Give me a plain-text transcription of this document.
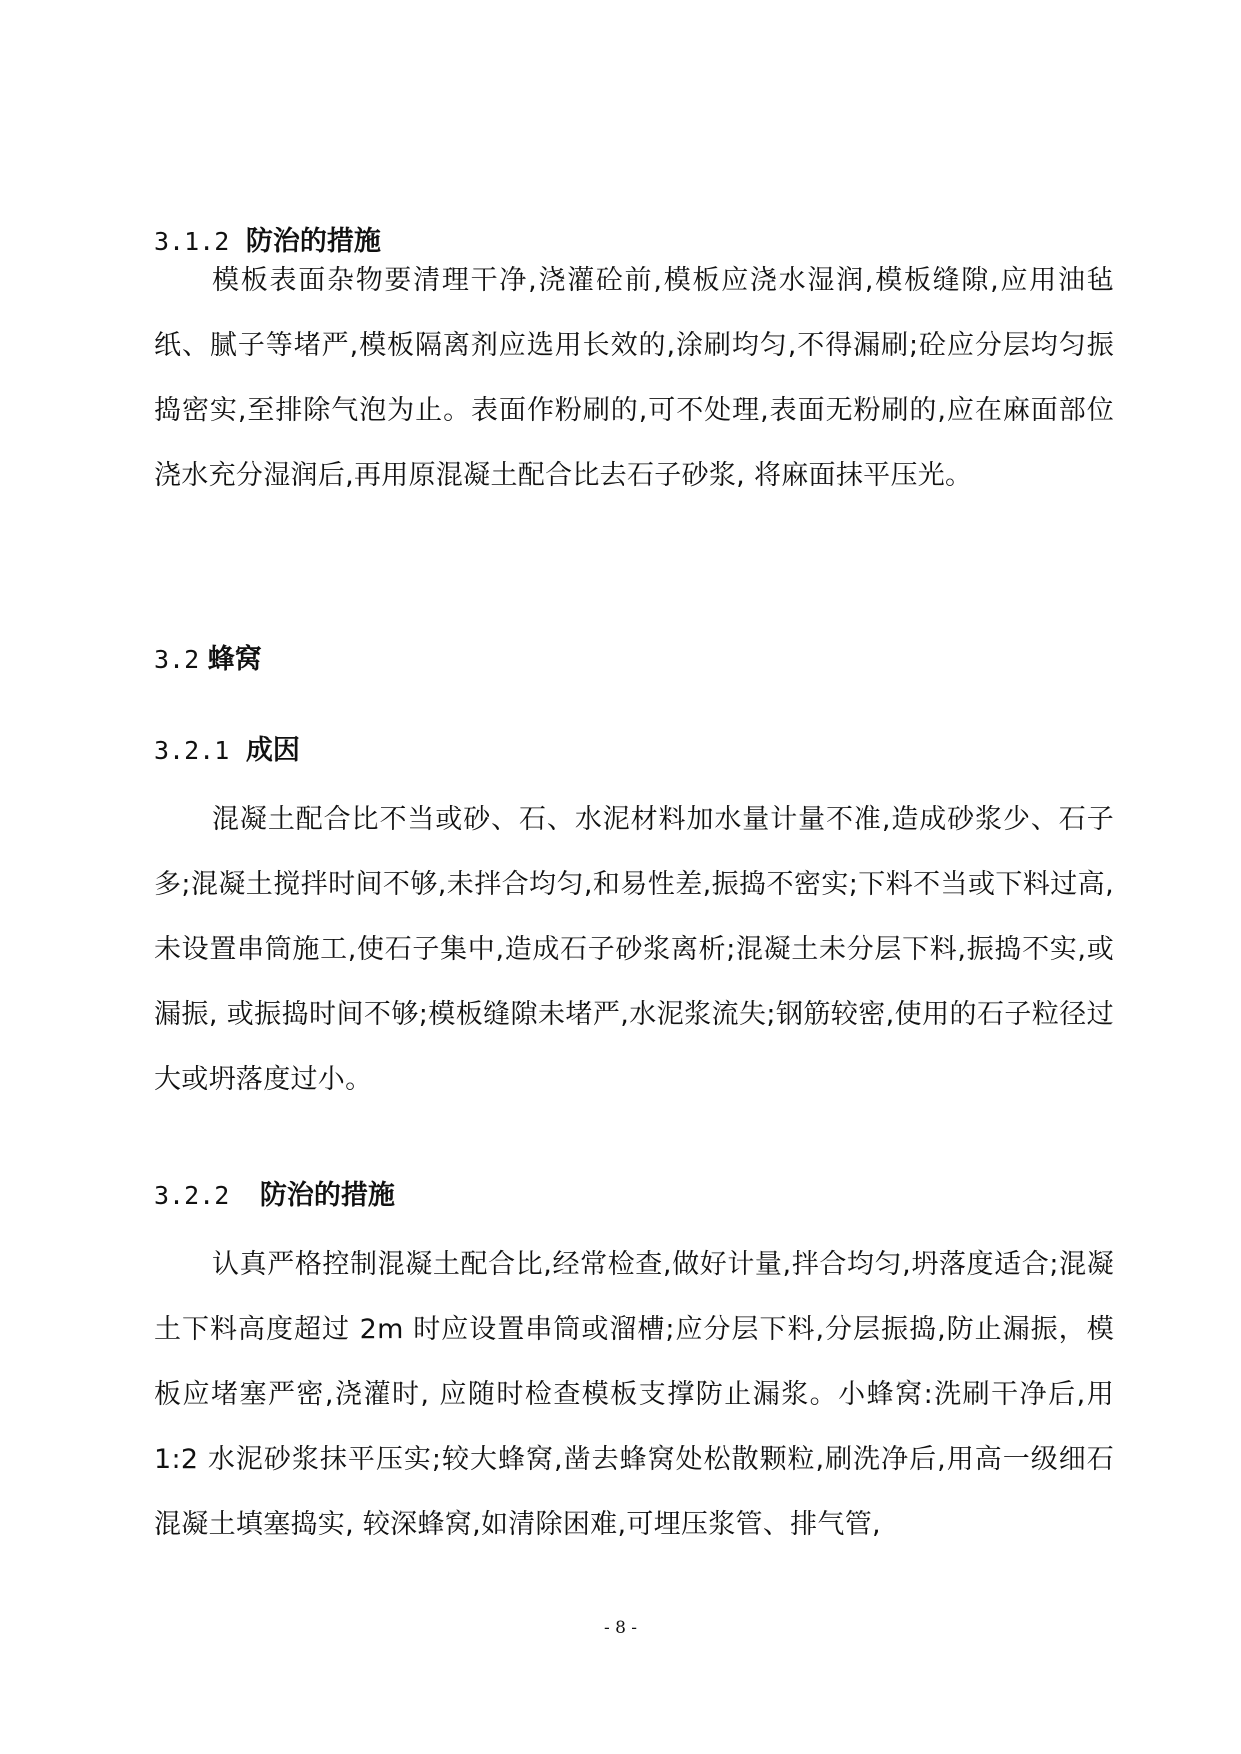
3.1.2 防治的措施

模板表面杂物要清理干净,浇灌砼前,模板应浇水湿润,模板缝隙,应用油毡纸、腻子等堵严,模板隔离剂应选用长效的,涂刷均匀,不得漏刷;砼应分层均匀振捣密实,至排除气泡为止。表面作粉刷的,可不处理,表面无粉刷的,应在麻面部位浇水充分湿润后,再用原混凝土配合比去石子砂浆, 将麻面抹平压光。

3.2 蜂窝
3.2.1 成因

混凝土配合比不当或砂、石、水泥材料加水量计量不准,造成砂浆少、石子多;混凝土搅拌时间不够,未拌合均匀,和易性差,振捣不密实;下料不当或下料过高,未设置串筒施工,使石子集中,造成石子砂浆离析;混凝土未分层下料,振捣不实,或漏振, 或振捣时间不够;模板缝隙未堵严,水泥浆流失;钢筋较密,使用的石子粒径过大或坍落度过小。

3.2.2 防治的措施

认真严格控制混凝土配合比,经常检查,做好计量,拌合均匀,坍落度适合;混凝土下料高度超过 2m 时应设置串筒或溜槽;应分层下料,分层振捣,防止漏振，模板应堵塞严密,浇灌时, 应随时检查模板支撑防止漏浆。小蜂窝:洗刷干净后,用 1:2 水泥砂浆抹平压实;较大蜂窝,凿去蜂窝处松散颗粒,刷洗净后,用高一级细石混凝土填塞捣实, 较深蜂窝,如清除困难,可埋压浆管、排气管,

- 8 -
